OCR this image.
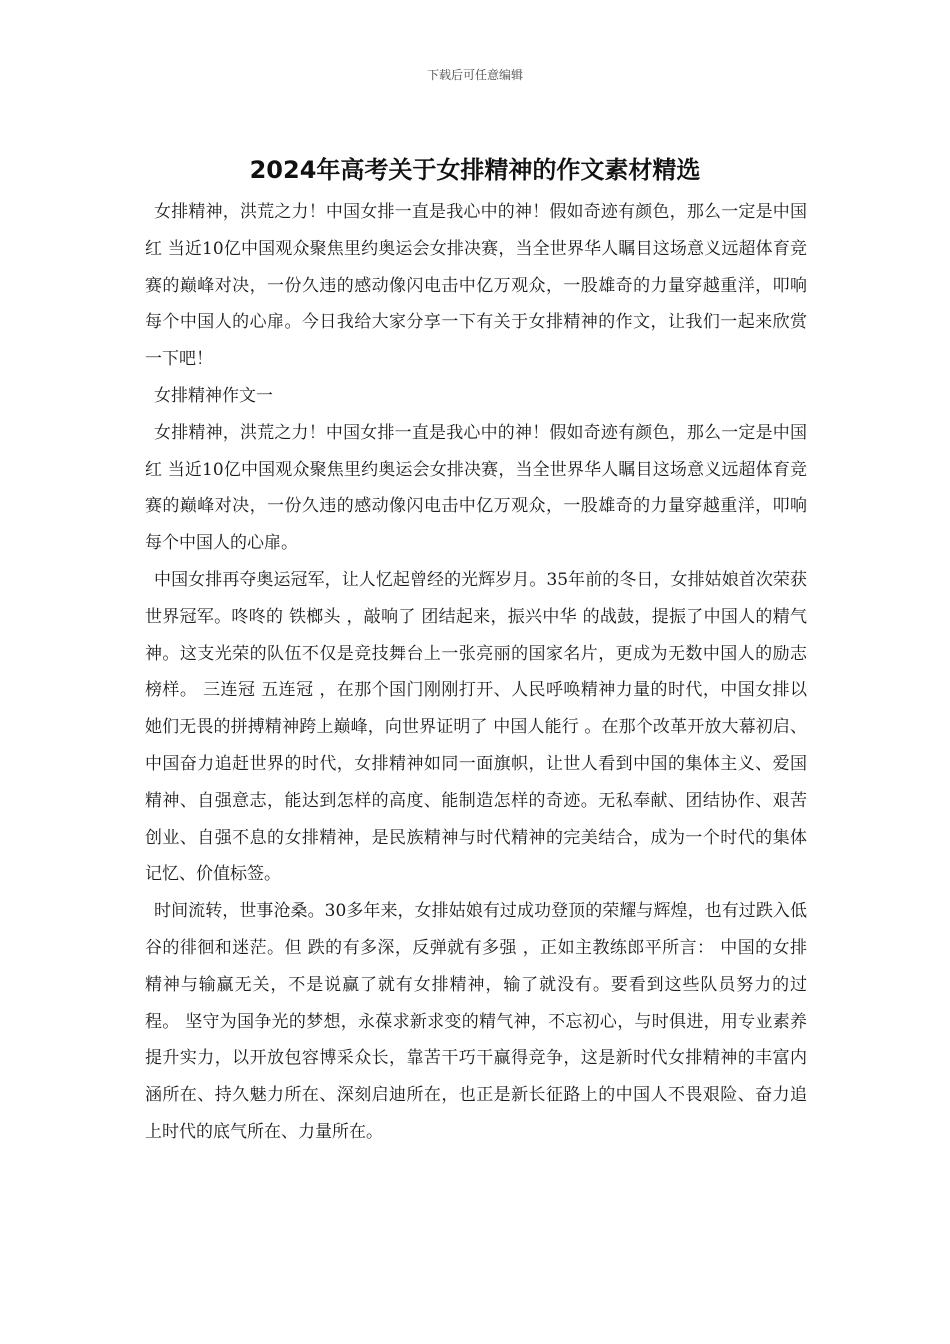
下载后可任意编辑
2024年高考关于女排精神的作文素材精选

女排精神，洪荒之力！中国女排一直是我心中的神！假如奇迹有颜色，那么一定是中国红 当近10亿中国观众聚焦里约奥运会女排决赛，当全世界华人瞩目这场意义远超体育竞赛的巅峰对决，一份久违的感动像闪电击中亿万观众，一股雄奇的力量穿越重洋，叩响每个中国人的心扉。今日我给大家分享一下有关于女排精神的作文，让我们一起来欣赏一下吧！

女排精神作文一

女排精神，洪荒之力！中国女排一直是我心中的神！假如奇迹有颜色，那么一定是中国红 当近10亿中国观众聚焦里约奥运会女排决赛，当全世界华人瞩目这场意义远超体育竞赛的巅峰对决，一份久违的感动像闪电击中亿万观众，一股雄奇的力量穿越重洋，叩响每个中国人的心扉。

中国女排再夺奥运冠军，让人忆起曾经的光辉岁月。35年前的冬日，女排姑娘首次荣获世界冠军。咚咚的 铁榔头 ，敲响了 团结起来，振兴中华 的战鼓，提振了中国人的精气神。这支光荣的队伍不仅是竞技舞台上一张亮丽的国家名片，更成为无数中国人的励志榜样。 三连冠 五连冠 ，在那个国门刚刚打开、人民呼唤精神力量的时代，中国女排以她们无畏的拼搏精神跨上巅峰，向世界证明了 中国人能行 。在那个改革开放大幕初启、中国奋力追赶世界的时代，女排精神如同一面旗帜，让世人看到中国的集体主义、爱国精神、自强意志，能达到怎样的高度、能制造怎样的奇迹。无私奉献、团结协作、艰苦创业、自强不息的女排精神，是民族精神与时代精神的完美结合，成为一个时代的集体记忆、价值标签。

时间流转，世事沧桑。30多年来，女排姑娘有过成功登顶的荣耀与辉煌，也有过跌入低谷的徘徊和迷茫。但 跌的有多深，反弹就有多强 ，正如主教练郎平所言： 中国的女排精神与输赢无关，不是说赢了就有女排精神，输了就没有。要看到这些队员努力的过程。 坚守为国争光的梦想，永葆求新求变的精气神，不忘初心，与时俱进，用专业素养提升实力，以开放包容博采众长，靠苦干巧干赢得竞争，这是新时代女排精神的丰富内涵所在、持久魅力所在、深刻启迪所在，也正是新长征路上的中国人不畏艰险、奋力追上时代的底气所在、力量所在。
